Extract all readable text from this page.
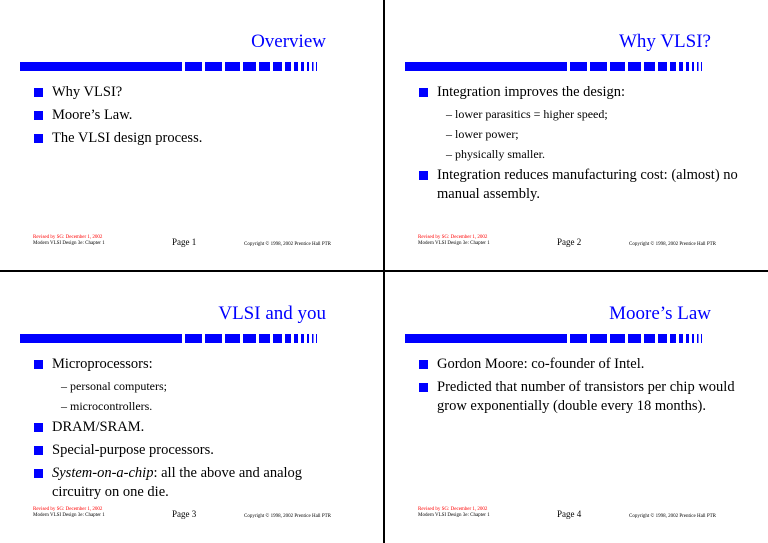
Overview
Why VLSI?
Moore’s Law.
The VLSI design process.
Revised by SG: December 1, 2002
Modern VLSI Design 3e: Chapter 1	Page 1	Copyright © 1998, 2002 Prentice Hall PTR
Why VLSI?
Integration improves the design:
– lower parasitics = higher speed;
– lower power;
– physically smaller.
Integration reduces manufacturing cost: (almost) no manual assembly.
Revised by SG: December 1, 2002
Modern VLSI Design 3e: Chapter 1	Page 2	Copyright © 1998, 2002 Prentice Hall PTR
VLSI and you
Microprocessors:
– personal computers;
– microcontrollers.
DRAM/SRAM.
Special-purpose processors.
System-on-a-chip: all the above and analog circuitry on one die.
Revised by SG: December 1, 2002
Modern VLSI Design 3e: Chapter 1	Page 3	Copyright © 1998, 2002 Prentice Hall PTR
Moore’s Law
Gordon Moore: co-founder of Intel.
Predicted that number of transistors per chip would grow exponentially (double every 18 months).
Revised by SG: December 1, 2002
Modern VLSI Design 3e: Chapter 1	Page 4	Copyright © 1998, 2002 Prentice Hall PTR
